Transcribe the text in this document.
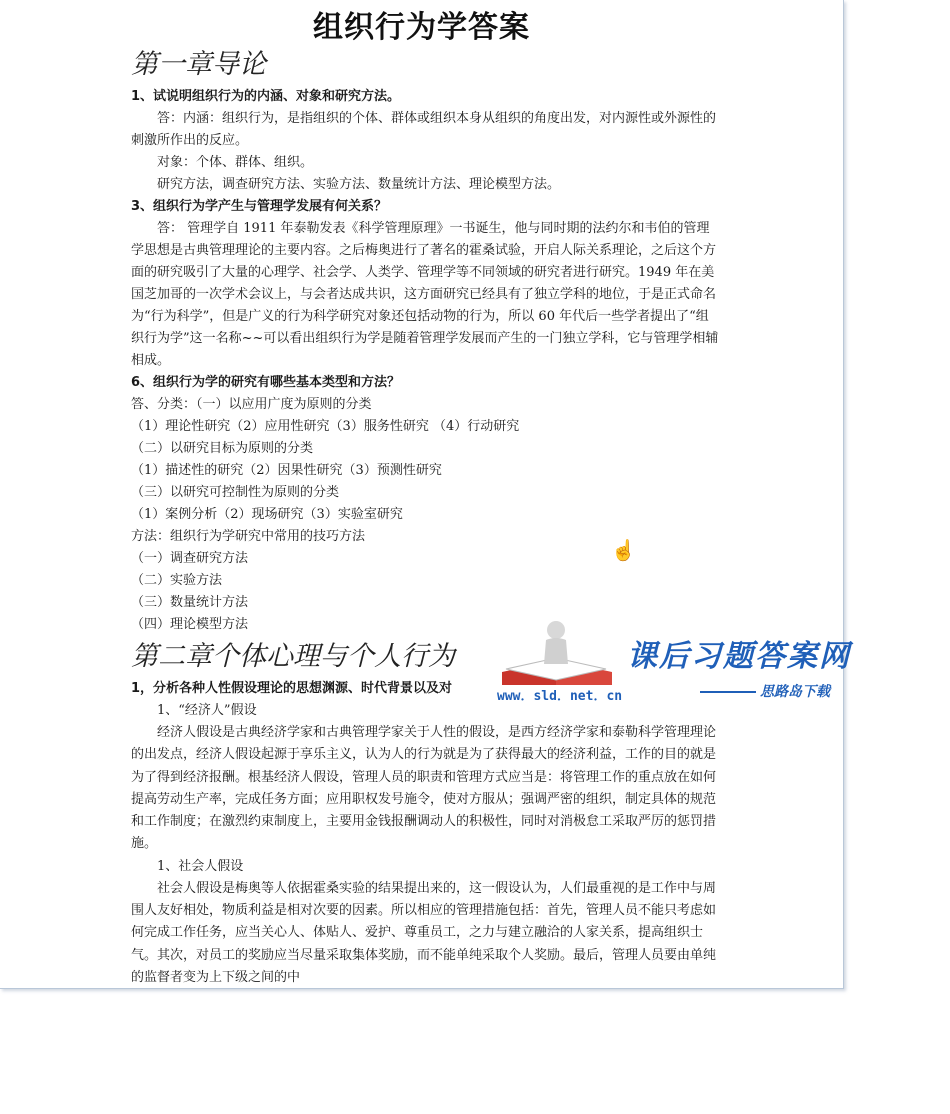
组织行为学答案
第一章导论

1、试说明组织行为的内涵、对象和研究方法。

答：内涵：组织行为，是指组织的个体、群体或组织本身从组织的角度出发，对内源性或外源性的刺激所作出的反应。

对象：个体、群体、组织。

研究方法，调查研究方法、实验方法、数量统计方法、理论模型方法。

3、组织行为学产生与管理学发展有何关系？

答： 管理学自 1911 年泰勒发表《科学管理原理》一书诞生，他与同时期的法约尔和韦伯的管理学思想是古典管理理论的主要内容。之后梅奥进行了著名的霍桑试验，开启人际关系理论，之后这个方面的研究吸引了大量的心理学、社会学、人类学、管理学等不同领域的研究者进行研究。1949 年在美国芝加哥的一次学术会议上，与会者达成共识，这方面研究已经具有了独立学科的地位，于是正式命名为“行为科学”，但是广义的行为科学研究对象还包括动物的行为，所以 60 年代后一些学者提出了“组织行为学”这一名称~~可以看出组织行为学是随着管理学发展而产生的一门独立学科，它与管理学相辅相成。

6、组织行为学的研究有哪些基本类型和方法？

答、分类：（一）以应用广度为原则的分类

（1）理论性研究（2）应用性研究（3）服务性研究 （4）行动研究

（二）以研究目标为原则的分类

（1）描述性的研究（2）因果性研究（3）预测性研究

（三）以研究可控制性为原则的分类

（1）案例分析（2）现场研究（3）实验室研究

方法：组织行为学研究中常用的技巧方法

（一）调查研究方法

（二）实验方法

（三）数量统计方法

（四）理论模型方法

第二章个体心理与个人行为

1，分析各种人性假设理论的思想渊源、时代背景以及对

1、“经济人”假设

经济人假设是古典经济学家和古典管理学家关于人性的假设，是西方经济学家和泰勒科学管理理论的出发点，经济人假设起源于享乐主义，认为人的行为就是为了获得最大的经济利益，工作的目的就是为了得到经济报酬。根基经济人假设，管理人员的职责和管理方式应当是：将管理工作的重点放在如何提高劳动生产率，完成任务方面；应用职权发号施令，使对方服从；强调严密的组织，制定具体的规范和工作制度；在激烈约束制度上，主要用金钱报酬调动人的积极性，同时对消极怠工采取严厉的惩罚措施。

1、社会人假设

社会人假设是梅奥等人依据霍桑实验的结果提出来的，这一假设认为，人们最重视的是工作中与周围人友好相处，物质利益是相对次要的因素。所以相应的管理措施包括：首先，管理人员不能只考虑如何完成工作任务，应当关心人、体贴人、爱护、尊重员工，之力与建立融洽的人家关系，提高组织士气。其次，对员工的奖励应当尽量采取集体奖励，而不能单纯采取个人奖励。最后，管理人员要由单纯的监督者变为上下级之间的中

☝
课后习题答案网
www．sld．net．cn	思路岛下载
